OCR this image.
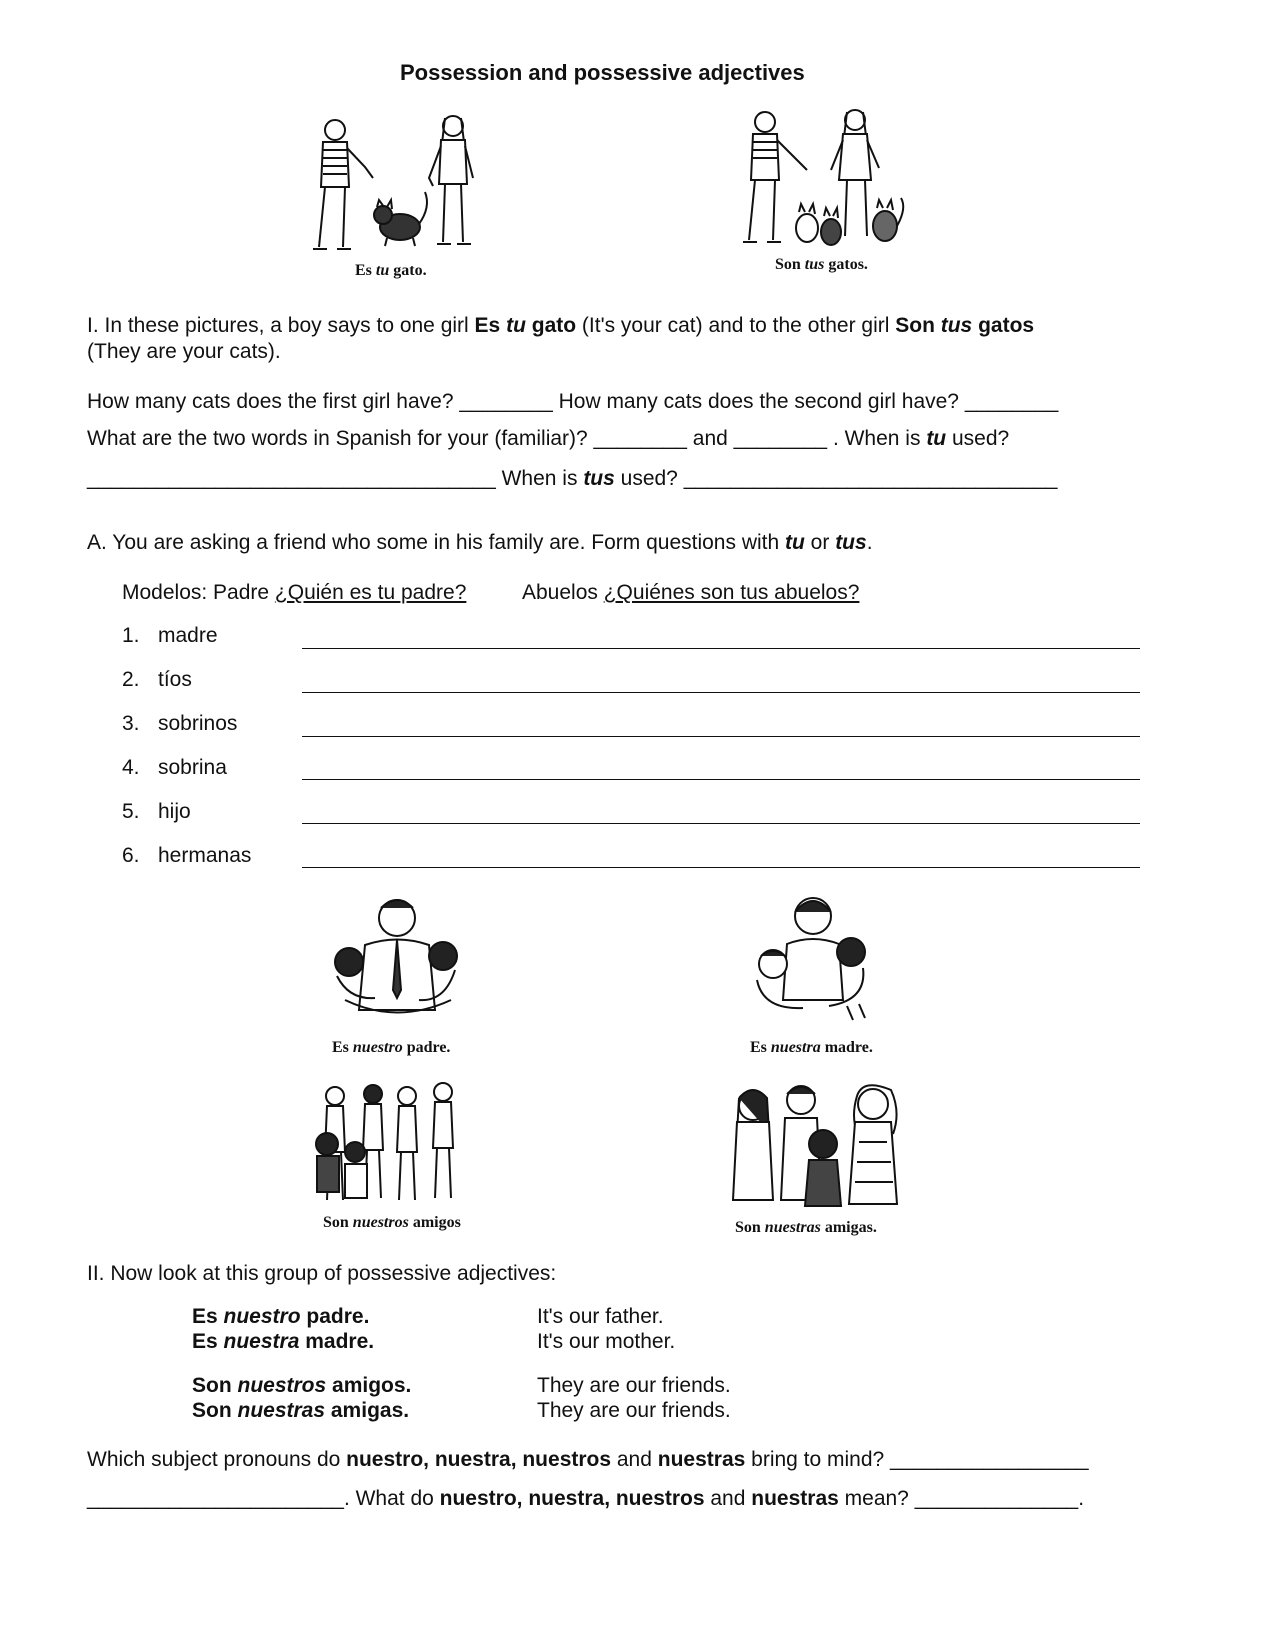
Possession and possessive adjectives
Es tu gato.	Son tus gatos.
I. In these pictures, a boy says to one girl Es tu gato (It's your cat) and to the other girl Son tus gatos
(They are your cats).
How many cats does the first girl have? ________ How many cats does the second girl have? ________
What are the two words in Spanish for your (familiar)? ________ and ________ . When is tu used?
___________________________________ When is tus used? ________________________________
A. You are asking a friend who some in his family are. Form questions with tu or tus.
Modelos: Padre ¿Quién es tu padre?	Abuelos ¿Quiénes son tus abuelos?
1. madre
2. tíos
3. sobrinos
4. sobrina
5. hijo
6. hermanas
Es nuestro padre.	Es nuestra madre.
Son nuestros amigos	Son nuestras amigas.
II. Now look at this group of possessive adjectives:
Es nuestro padre.	It's our father.
Es nuestra madre.	It's our mother.
Son nuestros amigos.	They are our friends.
Son nuestras amigas.	They are our friends.
Which subject pronouns do nuestro, nuestra, nuestros and nuestras bring to mind? _________________
______________________. What do nuestro, nuestra, nuestros and nuestras mean? ______________.
